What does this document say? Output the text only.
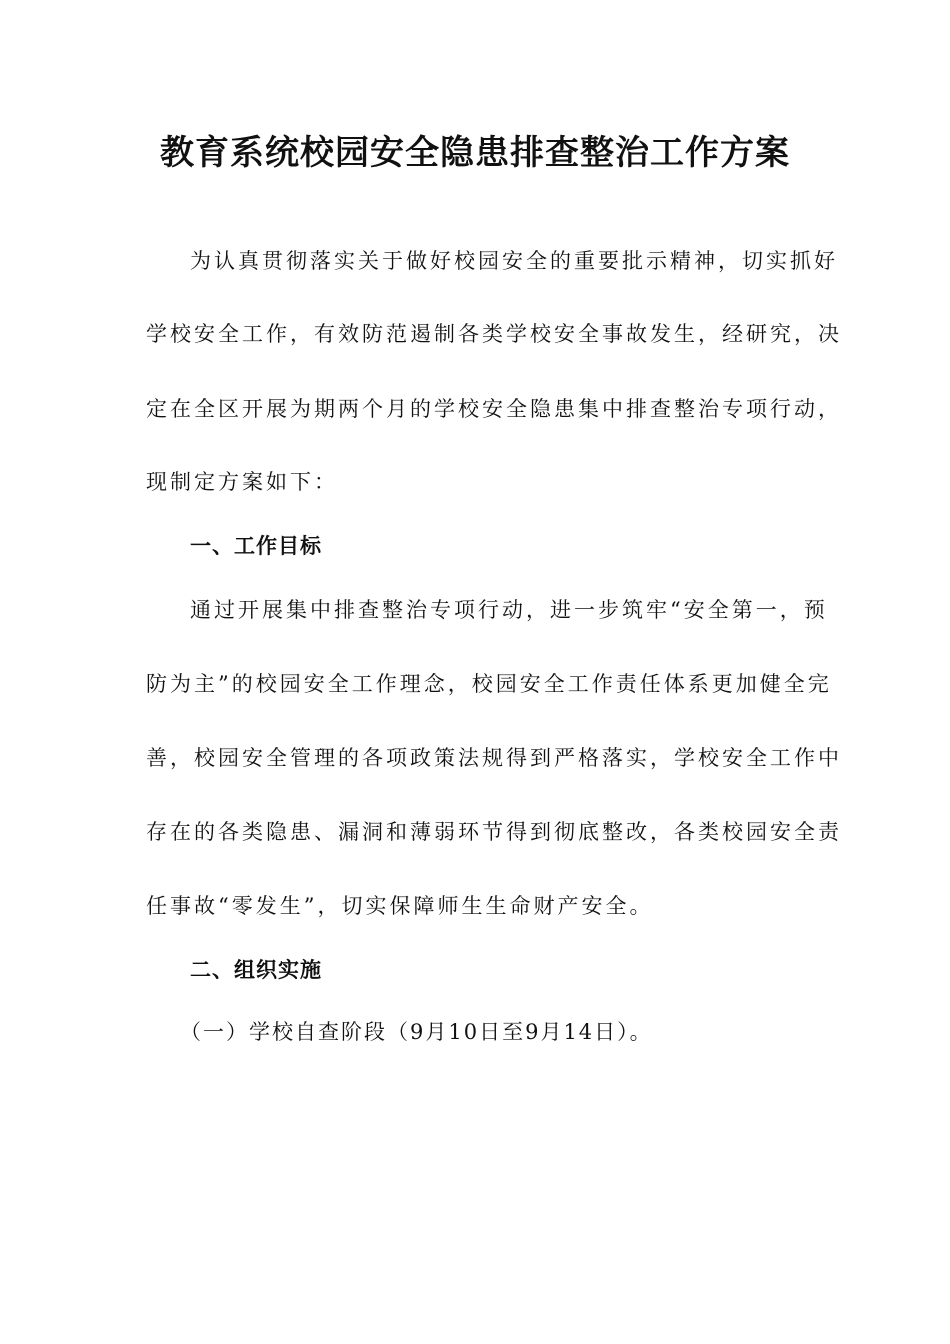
教育系统校园安全隐患排查整治工作方案
为认真贯彻落实关于做好校园安全的重要批示精神，切实抓好
学校安全工作，有效防范遏制各类学校安全事故发生，经研究，决
定在全区开展为期两个月的学校安全隐患集中排查整治专项行动，
现制定方案如下：
一、工作目标
通过开展集中排查整治专项行动，进一步筑牢“安全第一，预
防为主”的校园安全工作理念，校园安全工作责任体系更加健全完
善，校园安全管理的各项政策法规得到严格落实，学校安全工作中
存在的各类隐患、漏洞和薄弱环节得到彻底整改，各类校园安全责
任事故“零发生”，切实保障师生生命财产安全。
二、组织实施
（一）学校自查阶段（9月10日至9月14日）。
